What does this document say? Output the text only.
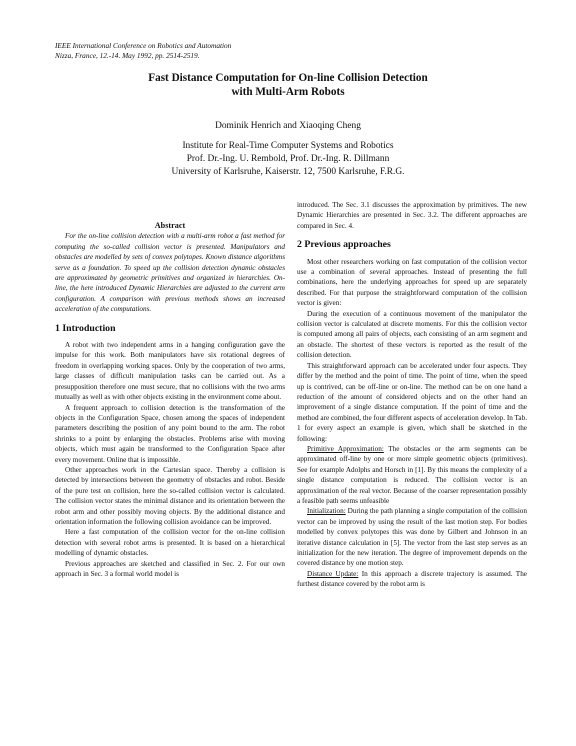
IEEE International Conference on Robotics and Automation
Nizza, France, 12.-14. May 1992, pp. 2514-2519.
Fast Distance Computation for On-line Collision Detection
with Multi-Arm Robots
Dominik Henrich and Xiaoqing Cheng
Institute for Real-Time Computer Systems and Robotics
Prof. Dr.-Ing. U. Rembold, Prof. Dr.-Ing. R. Dillmann
University of Karlsruhe, Kaiserstr. 12, 7500 Karlsruhe, F.R.G.
Abstract

For the on-line collision detection with a multi-arm robot a fast method for computing the so-called collision vector is presented. Manipulators and obstacles are modelled by sets of convex polytopes. Known distance algorithms serve as a foundation. To speed up the collision detection dynamic obstacles are approximated by geometric primitives and organized in hierarchies. On-line, the here introduced Dynamic Hierarchies are adjusted to the current arm configuration. A comparison with previous methods shows an increased acceleration of the computations.

1 Introduction

A robot with two independent arms in a hanging configuration gave the impulse for this work. Both manipulators have six rotational degrees of freedom in overlapping working spaces. Only by the cooperation of two arms, large classes of difficult manipulation tasks can be carried out. As a presupposition therefore one must secure, that no collisions with the two arms mutually as well as with other objects existing in the environment come about.

A frequent approach to collision detection is the transformation of the objects in the Configuration Space, chosen among the spaces of independent parameters describing the position of any point bound to the arm. The robot shrinks to a point by enlarging the obstacles. Problems arise with moving objects, which must again be transformed to the Configuration Space after every movement. Online that is impossible.

Other approaches work in the Cartesian space. Thereby a collision is detected by intersections between the geometry of obstacles and robot. Beside of the pure test on collision, here the so-called collision vector is calculated. The collision vector states the minimal distance and its orientation between the robot arm and other possibly moving objects. By the additional distance and orientation information the following collision avoidance can be improved.

Here a fast computation of the collision vector for the on-line collision detection with several robot arms is presented. It is based on a hierarchical modelling of dynamic obstacles.

Previous approaches are sketched and classified in Sec. 2. For our own approach in Sec. 3 a formal world model is

introduced. The Sec. 3.1 discusses the approximation by primitives. The new Dynamic Hierarchies are presented in Sec. 3.2. The different approaches are compared in Sec. 4.

2 Previous approaches

Most other researchers working on fast computation of the collision vector use a combination of several approaches. Instead of presenting the full combinations, here the underlying approaches for speed up are separately described. For that purpose the straightforward computation of the collision vector is given:

During the execution of a continuous movement of the manipulator the collision vector is calculated at discrete moments. For this the collision vector is computed among all pairs of objects, each consisting of an arm segment and an obstacle. The shortest of these vectors is reported as the result of the collision detection.

This straightforward approach can be accelerated under four aspects. They differ by the method and the point of time. The point of time, when the speed up is contrived, can be off-line or on-line. The method can be on one hand a reduction of the amount of considered objects and on the other hand an improvement of a single distance computation. If the point of time and the method are combined, the four different aspects of acceleration develop. In Tab. 1 for every aspect an example is given, which shall be sketched in the following:

Primitive Approximation: The obstacles or the arm segments can be approximated off-line by one or more simple geometric objects (primitives). See for example Adolphs and Horsch in [1]. By this means the complexity of a single distance computation is reduced. The collision vector is an approximation of the real vector. Because of the coarser representation possibly a feasible path seems unfeasible

Initialization: During the path planning a single computation of the collision vector can be improved by using the result of the last motion step. For bodies modelled by convex polytopes this was done by Gilbert and Johnson in an iterative distance calculation in [5]. The vector from the last step serves as an initialization for the new iteration. The degree of improvement depends on the covered distance by one motion step.

Distance Update: In this approach a discrete trajectory is assumed. The furthest distance covered by the robot arm is
